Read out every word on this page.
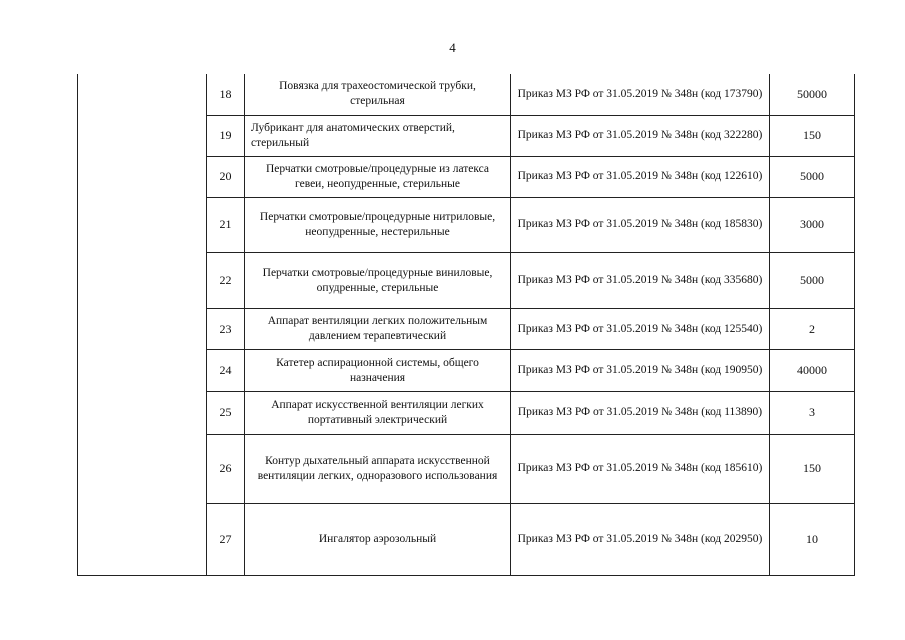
4
	18	Повязка для трахеостомической трубки, стерильная	Приказ МЗ РФ от 31.05.2019 № 348н (код 173790)	50000
	19	Лубрикант для анатомических отверстий, стерильный	Приказ МЗ РФ от 31.05.2019 № 348н (код 322280)	150
	20	Перчатки смотровые/процедурные из латекса гевеи, неопудренные, стерильные	Приказ МЗ РФ от 31.05.2019 № 348н (код 122610)	5000
	21	Перчатки смотровые/процедурные нитриловые, неопудренные, нестерильные	Приказ МЗ РФ от 31.05.2019 № 348н (код 185830)	3000
	22	Перчатки смотровые/процедурные виниловые, опудренные, стерильные	Приказ МЗ РФ от 31.05.2019 № 348н (код 335680)	5000
	23	Аппарат вентиляции легких положительным давлением терапевтический	Приказ МЗ РФ от 31.05.2019 № 348н (код 125540)	2
	24	Катетер аспирационной системы, общего назначения	Приказ МЗ РФ от 31.05.2019 № 348н (код 190950)	40000
	25	Аппарат искусственной вентиляции легких портативный электрический	Приказ МЗ РФ от 31.05.2019 № 348н (код 113890)	3
	26	Контур дыхательный аппарата искусственной вентиляции легких, одноразового использования	Приказ МЗ РФ от 31.05.2019 № 348н (код 185610)	150
	27	Ингалятор аэрозольный	Приказ МЗ РФ от 31.05.2019 № 348н (код 202950)	10
